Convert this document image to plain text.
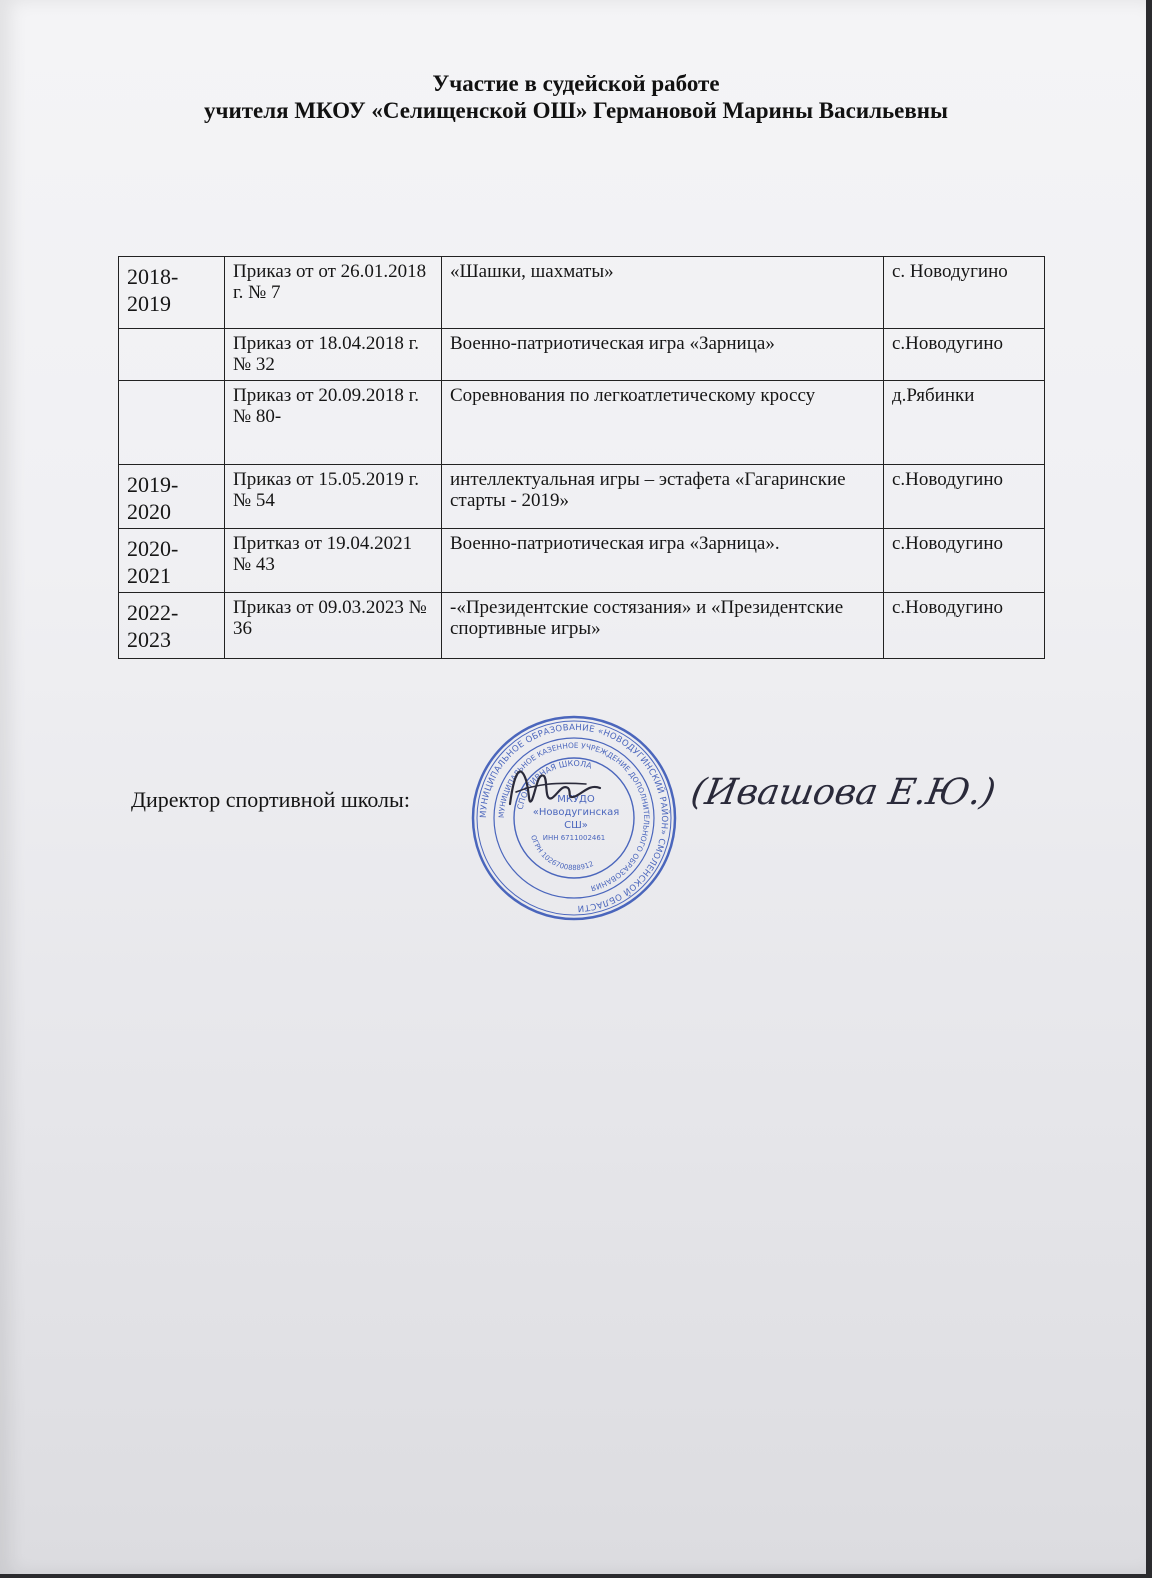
Участие в судейской работе
учителя МКОУ «Селищенской ОШ» Германовой Марины Васильевны
2018-2019	Приказ от от 26.01.2018 г. № 7	«Шашки, шахматы»	с. Новодугино
	Приказ от 18.04.2018 г. № 32	Военно-патриотическая игра «Зарница»	с.Новодугино
	Приказ от 20.09.2018 г. № 80-	Соревнования по легкоатлетическому кроссу	д.Рябинки
2019-2020	Приказ от 15.05.2019 г. № 54	интеллектуальная игры – эстафета «Гагаринские старты - 2019»	с.Новодугино
2020-2021	Притказ от 19.04.2021 № 43	Военно-патриотическая игра «Зарница».	с.Новодугино
2022-2023	Приказ от 09.03.2023 № 36	-«Президентские состязания» и «Президентские спортивные игры»	с.Новодугино
Директор спортивной школы:
МУНИЦИПАЛЬНОЕ ОБРАЗОВАНИЕ «НОВОДУГИНСКИЙ РАЙОН» СМОЛЕНСКОЙ ОБЛАСТИ
МУНИЦИПАЛЬНОЕ КАЗЕННОЕ УЧРЕЖДЕНИЕ ДОПОЛНИТЕЛЬНОГО ОБРАЗОВАНИЯ
СПОРТИВНАЯ ШКОЛА
ОГРН 1026700888912
МКУДО
«Новодугинская
СШ»
ИНН 6711002461
(Ивашова Е.Ю.)
